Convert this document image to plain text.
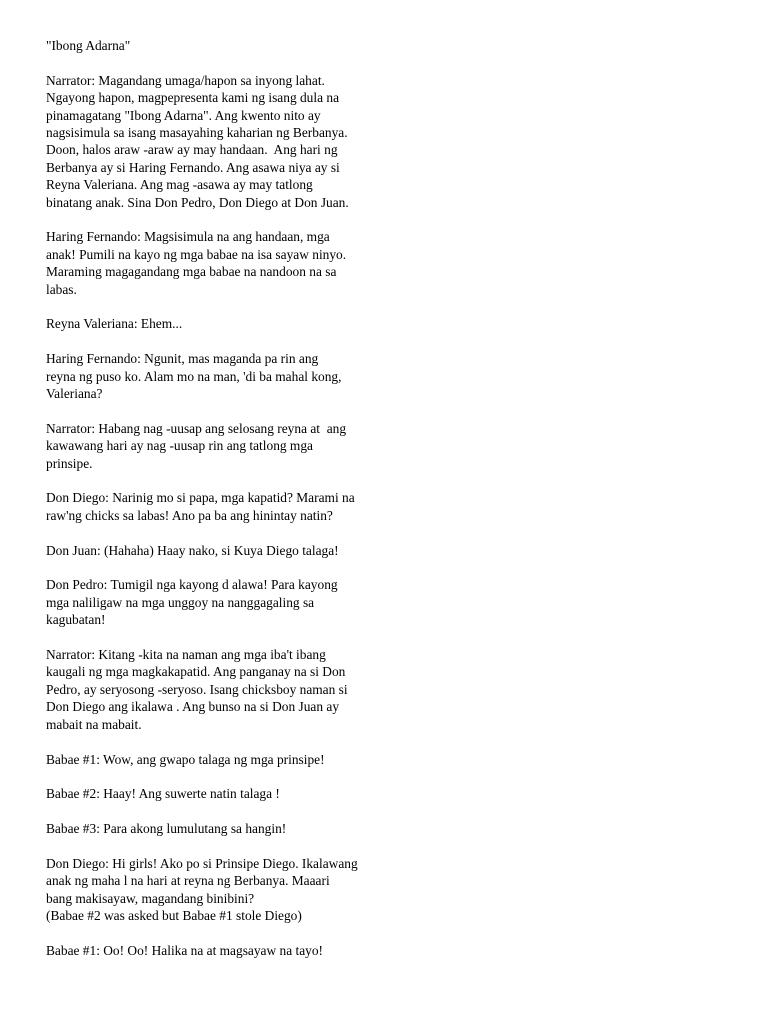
"Ibong Adarna"
Narrator: Magandang umaga/hapon sa inyong lahat.
Ngayong hapon, magpepresenta kami ng isang dula na
pinamagatang "Ibong Adarna". Ang kwento nito ay
nagsisimula sa isang masayahing kaharian ng Berbanya.
Doon, halos araw -araw ay may handaan.  Ang hari ng
Berbanya ay si Haring Fernando. Ang asawa niya ay si
Reyna Valeriana. Ang mag -asawa ay may tatlong
binatang anak. Sina Don Pedro, Don Diego at Don Juan.
Haring Fernando: Magsisimula na ang handaan, mga
anak! Pumili na kayo ng mga babae na isa sayaw ninyo.
Maraming magagandang mga babae na nandoon na sa
labas.
Reyna Valeriana: Ehem...
Haring Fernando: Ngunit, mas maganda pa rin ang
reyna ng puso ko. Alam mo na man, 'di ba mahal kong,
Valeriana?
Narrator: Habang nag -uusap ang selosang reyna at  ang
kawawang hari ay nag -uusap rin ang tatlong mga
prinsipe.
Don Diego: Narinig mo si papa, mga kapatid? Marami na
raw'ng chicks sa labas! Ano pa ba ang hinintay natin?
Don Juan: (Hahaha) Haay nako, si Kuya Diego talaga!
Don Pedro: Tumigil nga kayong d alawa! Para kayong
mga naliligaw na mga unggoy na nanggagaling sa
kagubatan!
Narrator: Kitang -kita na naman ang mga iba't ibang
kaugali ng mga magkakapatid. Ang panganay na si Don
Pedro, ay seryosong -seryoso. Isang chicksboy naman si
Don Diego ang ikalawa . Ang bunso na si Don Juan ay
mabait na mabait.
Babae #1: Wow, ang gwapo talaga ng mga prinsipe!
Babae #2: Haay! Ang suwerte natin talaga !
Babae #3: Para akong lumulutang sa hangin!
Don Diego: Hi girls! Ako po si Prinsipe Diego. Ikalawang
anak ng maha l na hari at reyna ng Berbanya. Maaari
bang makisayaw, magandang binibini?
(Babae #2 was asked but Babae #1 stole Diego)
Babae #1: Oo! Oo! Halika na at magsayaw na tayo!
